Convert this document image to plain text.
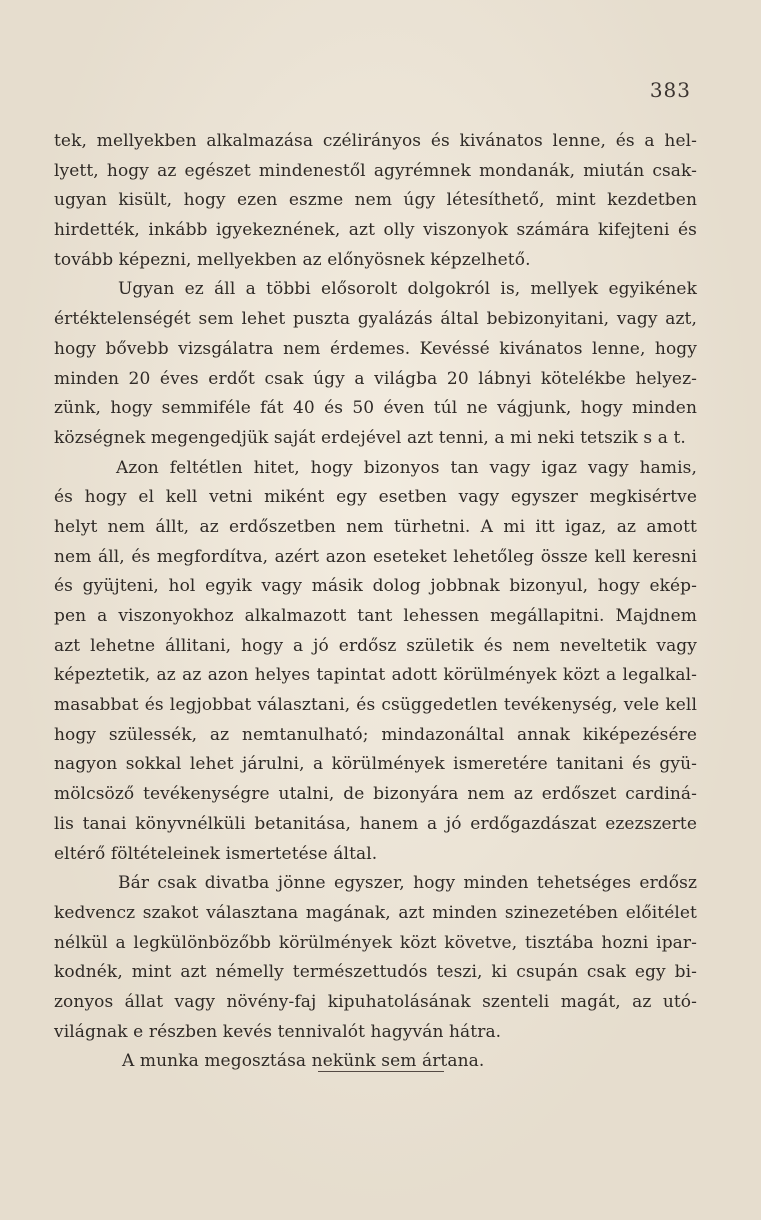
383
tek, mellyekben alkalmazása czélirányos és kivánatos lenne, és a hel-
lyett, hogy az egészet mindenestől agyrémnek mondanák, miután csak-
ugyan kisült, hogy ezen eszme nem úgy létesíthető, mint kezdetben
hirdették, inkább igyekeznének, azt olly viszonyok számára kifejteni és
tovább képezni, mellyekben az előnyösnek képzelhető.
Ugyan ez áll a többi elősorolt dolgokról is, mellyek egyikének
értéktelenségét sem lehet puszta gyalázás által bebizonyitani, vagy azt,
hogy bővebb vizsgálatra nem érdemes. Kevéssé kivánatos lenne, hogy
minden 20 éves erdőt csak úgy a világba 20 lábnyi kötelékbe helyez-
zünk, hogy semmiféle fát 40 és 50 éven túl ne vágjunk, hogy minden
községnek megengedjük saját erdejével azt tenni, a mi neki tetszik s a t.
Azon feltétlen hitet, hogy bizonyos tan vagy igaz vagy hamis,
és hogy el kell vetni miként egy esetben vagy egyszer megkisértve
helyt nem állt, az erdőszetben nem türhetni. A mi itt igaz, az amott
nem áll, és megfordítva, azért azon eseteket lehetőleg össze kell keresni
és gyüjteni, hol egyik vagy másik dolog jobbnak bizonyul, hogy ekép-
pen a viszonyokhoz alkalmazott tant lehessen megállapitni. Majdnem
azt lehetne állitani, hogy a jó erdősz születik és nem neveltetik vagy
képeztetik, az az azon helyes tapintat adott körülmények közt a legalkal-
masabbat és legjobbat választani, és csüggedetlen tevékenység, vele kell
hogy szülessék, az nemtanulható; mindazonáltal annak kiképezésére
nagyon sokkal lehet járulni, a körülmények ismeretére tanitani és gyü-
mölcsöző tevékenységre utalni, de bizonyára nem az erdőszet cardiná-
lis tanai könyvnélküli betanitása, hanem a jó erdőgazdászat ezezszerte
eltérő föltételeinek ismertetése által.
Bár csak divatba jönne egyszer, hogy minden tehetséges erdősz
kedvencz szakot választana magának, azt minden szinezetében előitélet
nélkül a legkülönbözőbb körülmények közt követve, tisztába hozni ipar-
kodnék, mint azt némelly természettudós teszi, ki csupán csak egy bi-
zonyos állat vagy növény-faj kipuhatolásának szenteli magát, az utó-
világnak e részben kevés tennivalót hagyván hátra.
A munka megosztása nekünk sem ártana.
